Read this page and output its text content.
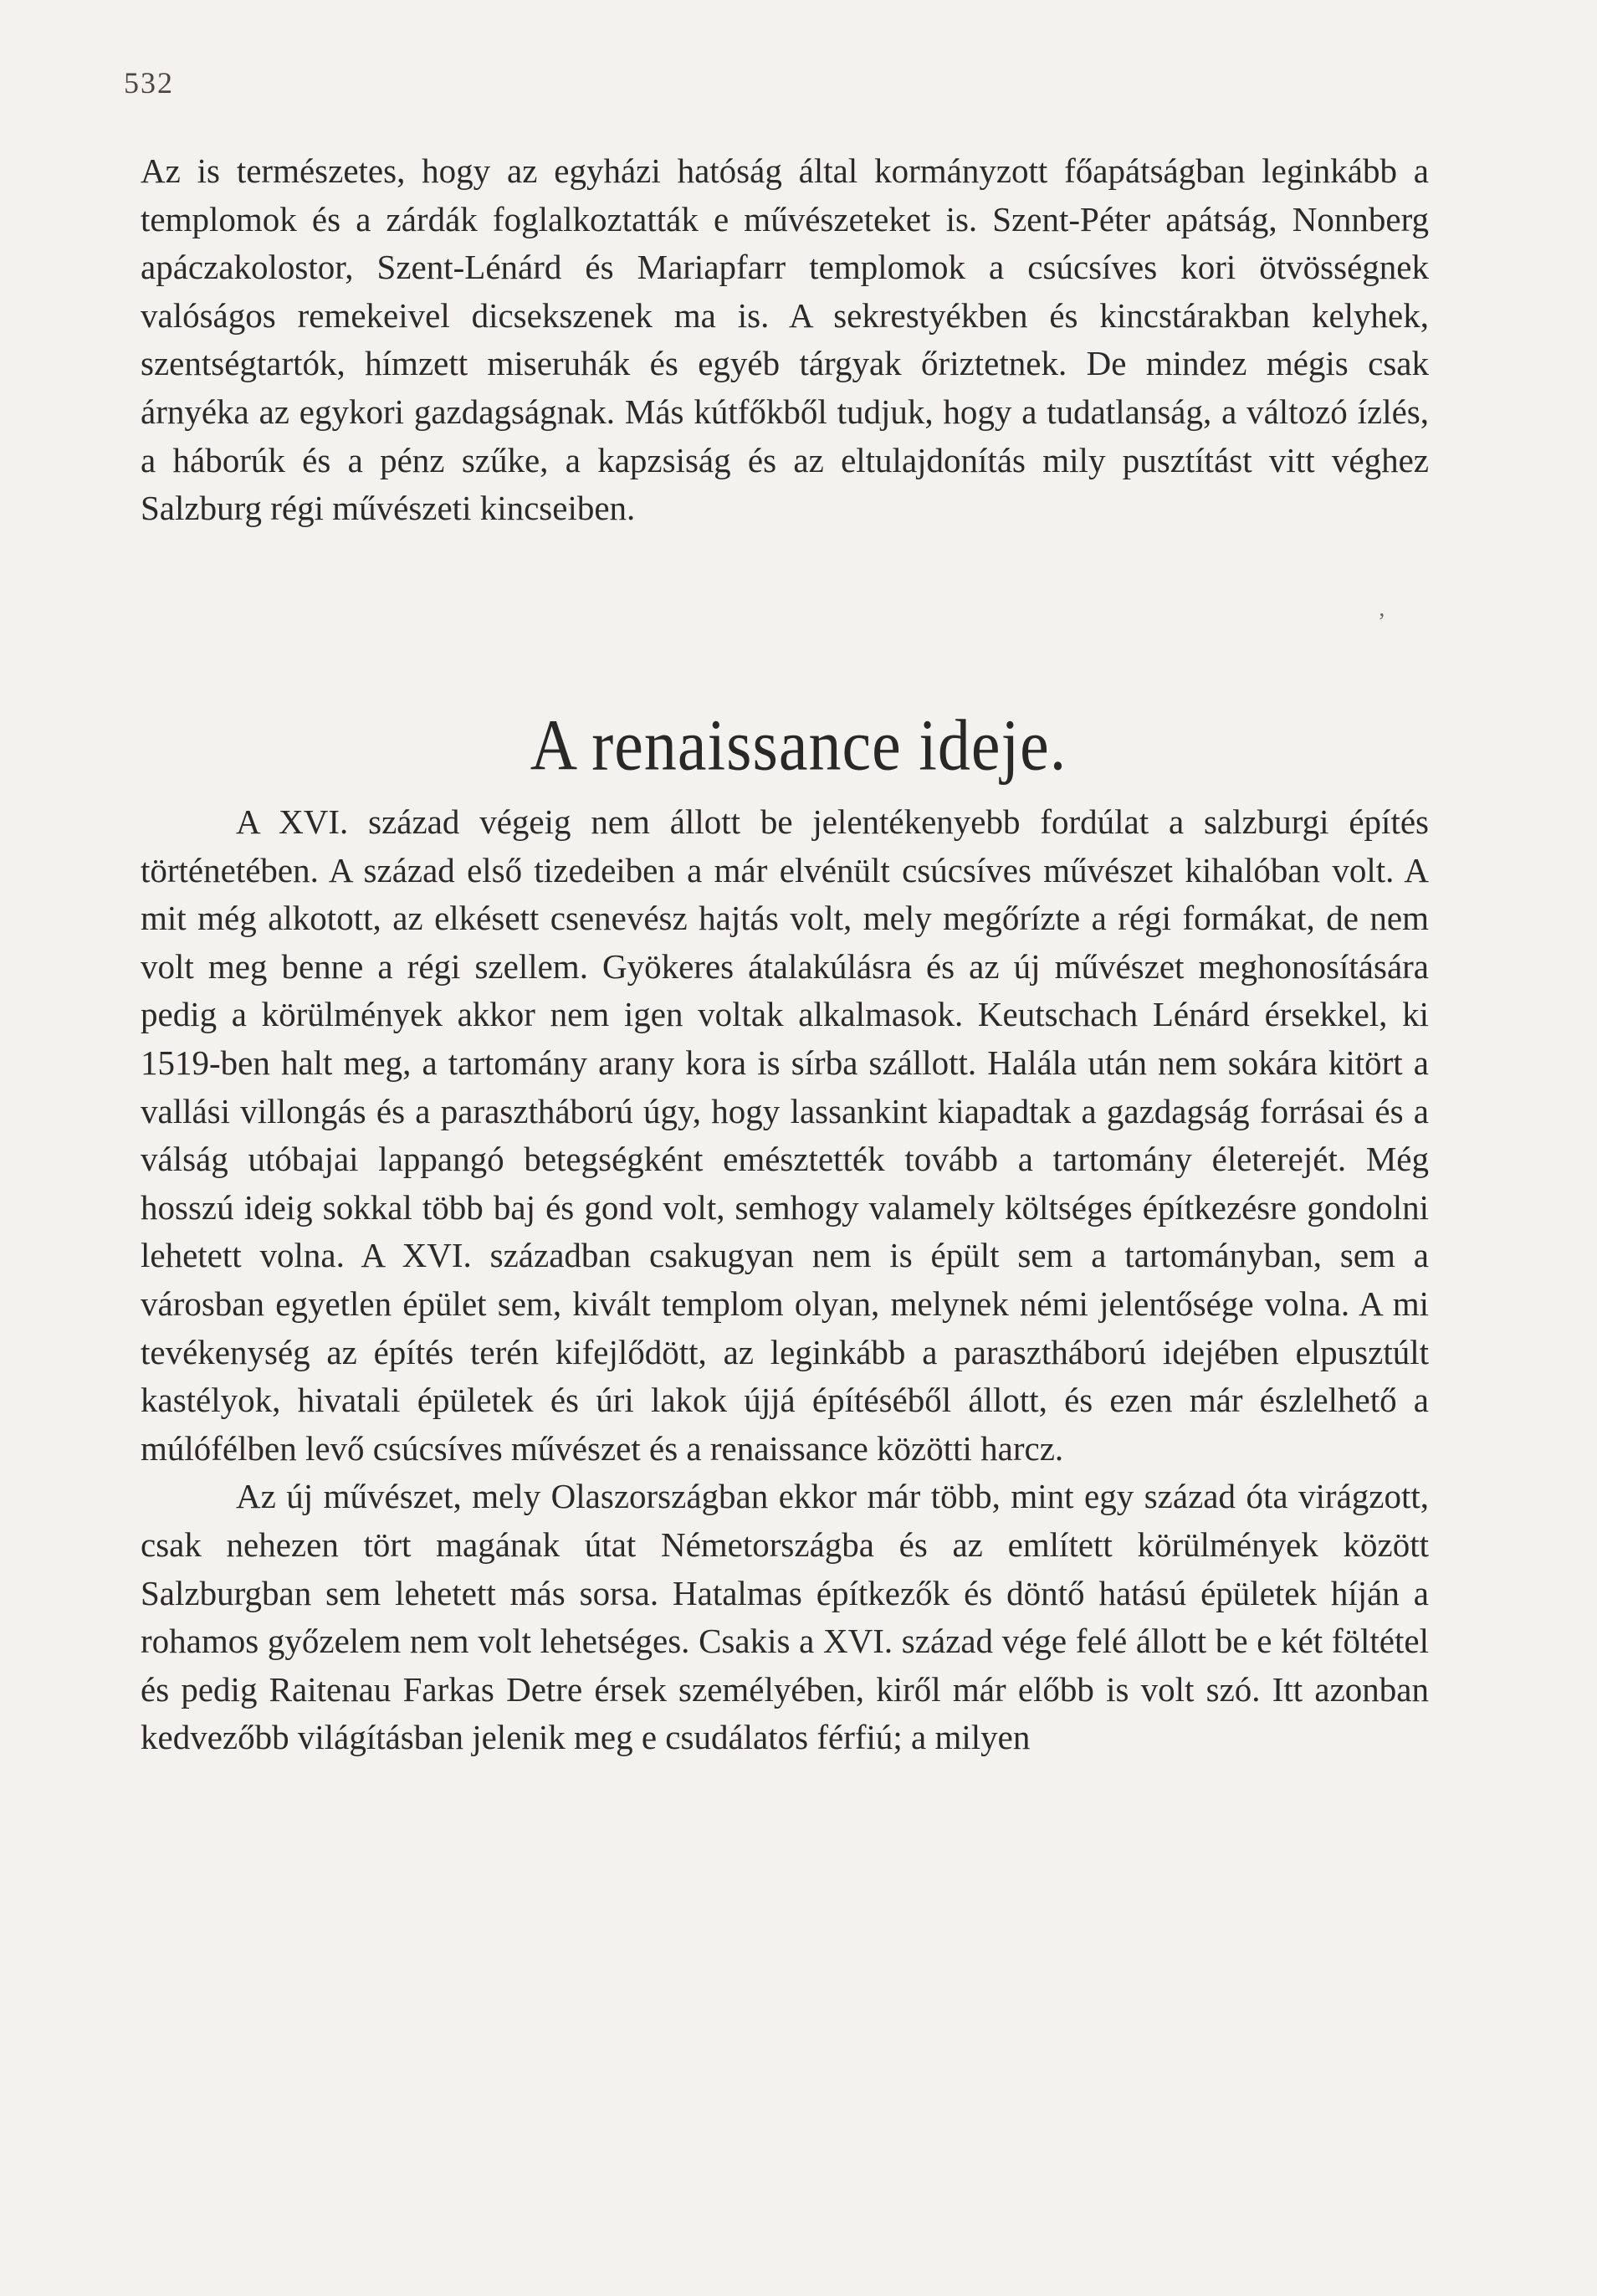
532

Az is természetes, hogy az egyházi hatóság által kormányzott főapátságban leginkább a templomok és a zárdák foglalkoztatták e művészeteket is. Szent-Péter apátság, Nonnberg apáczakolostor, Szent-Lénárd és Mariapfarr templomok a csúcsíves kori ötvösségnek valóságos remekeivel dicsekszenek ma is. A sekrestyékben és kincstárakban kelyhek, szentségtartók, hímzett miseruhák és egyéb tárgyak őriztetnek. De mindez mégis csak árnyéka az egykori gazdagságnak. Más kútfőkből tudjuk, hogy a tudatlanság, a változó ízlés, a háborúk és a pénz szűke, a kapzsiság és az eltulajdonítás mily pusztítást vitt véghez Salzburg régi művészeti kincseiben.

‚
A renaissance ideje.

A XVI. század végeig nem állott be jelentékenyebb fordúlat a salzburgi építés történetében. A század első tizedeiben a már elvénült csúcsíves művészet kihalóban volt. A mit még alkotott, az elkésett csenevész hajtás volt, mely megőrízte a régi formákat, de nem volt meg benne a régi szellem. Gyökeres átalakúlásra és az új művészet meghonosítására pedig a körülmények akkor nem igen voltak alkalmasok. Keutschach Lénárd érsekkel, ki 1519-ben halt meg, a tartomány arany kora is sírba szállott. Halála után nem sokára kitört a vallási villongás és a parasztháború úgy, hogy lassankint kiapadtak a gazdagság forrásai és a válság utóbajai lappangó betegségként emésztették tovább a tartomány életerejét. Még hosszú ideig sokkal több baj és gond volt, semhogy valamely költséges építkezésre gondolni lehetett volna. A XVI. században csakugyan nem is épült sem a tartományban, sem a városban egyetlen épület sem, kivált templom olyan, melynek némi jelentősége volna. A mi tevékenység az építés terén kifejlődött, az leginkább a parasztháború idejében elpusztúlt kastélyok, hivatali épületek és úri lakok újjá építéséből állott, és ezen már észlelhető a múlófélben levő csúcsíves művészet és a renaissance közötti harcz.

Az új művészet, mely Olaszországban ekkor már több, mint egy század óta virágzott, csak nehezen tört magának útat Németországba és az említett körülmények között Salzburgban sem lehetett más sorsa. Hatalmas építkezők és döntő hatású épületek híján a rohamos győzelem nem volt lehetséges. Csakis a XVI. század vége felé állott be e két föltétel és pedig Raitenau Farkas Detre érsek személyében, kiről már előbb is volt szó. Itt azonban kedvezőbb világításban jelenik meg e csudálatos férfiú; a milyen
